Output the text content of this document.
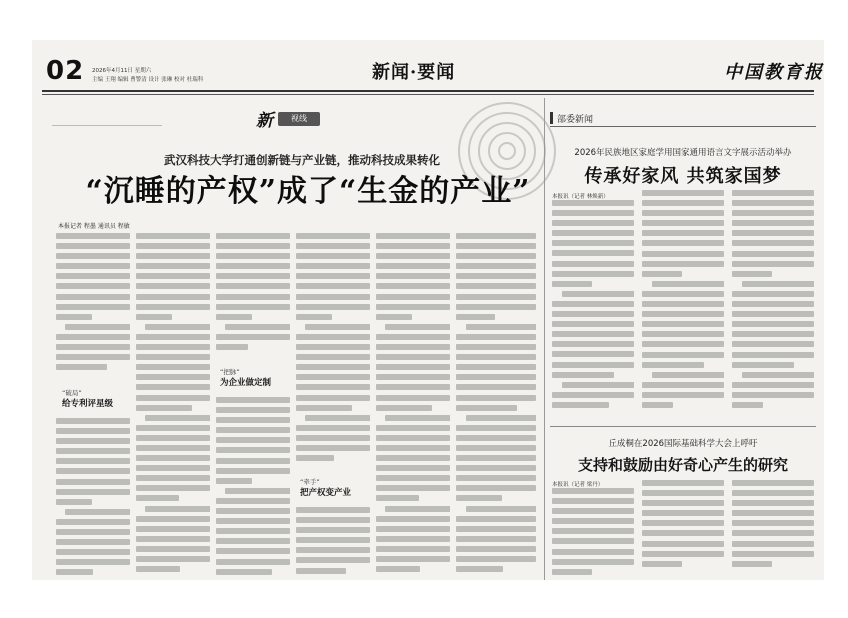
02 2026年4月11日 星期六
主编 王翔 编辑 曹警清 设计 张琳 校对 杜瑞科	新闻·要闻	中国教育报
新	视线
武汉科技大学打通创新链与产业链，推动科技成果转化
“沉睡的产权”成了“生金的产业”
本报记者 程墨 通讯员 程敏
“破局”
给专利评星级
“把脉”
为企业做定制
“牵手”
把产权变产业
部委新闻
2026年民族地区家庭学用国家通用语言文字展示活动举办
传承好家风 共筑家国梦
本报讯（记者 林焕新）
丘成桐在2026国际基础科学大会上呼吁
支持和鼓励由好奇心产生的研究
本报讯（记者 梁丹）
